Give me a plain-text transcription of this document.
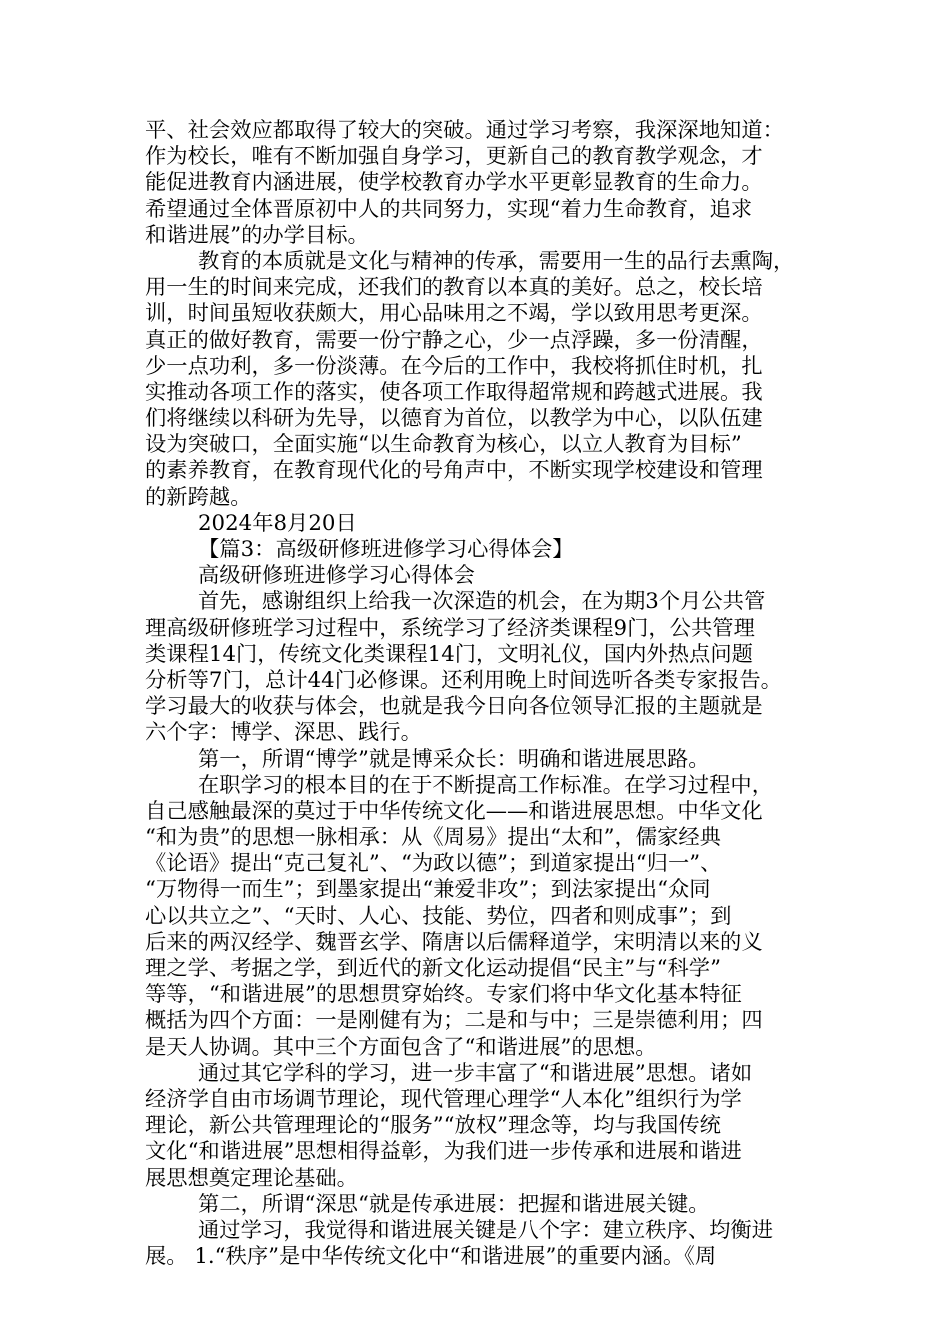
平、社会效应都取得了较大的突破。通过学习考察，我深深地知道：
作为校长，唯有不断加强自身学习，更新自己的教育教学观念，才
能促进教育内涵进展，使学校教育办学水平更彰显教育的生命力。
希望通过全体晋原初中人的共同努力，实现“着力生命教育，追求
和谐进展”的办学目标。
教育的本质就是文化与精神的传承，需要用一生的品行去熏陶，
用一生的时间来完成，还我们的教育以本真的美好。总之，校长培
训，时间虽短收获颇大，用心品味用之不竭，学以致用思考更深。
真正的做好教育，需要一份宁静之心，少一点浮躁，多一份清醒，
少一点功利，多一份淡薄。在今后的工作中，我校将抓住时机，扎
实推动各项工作的落实，使各项工作取得超常规和跨越式进展。我
们将继续以科研为先导，以德育为首位，以教学为中心，以队伍建
设为突破口，全面实施“以生命教育为核心，以立人教育为目标”
的素养教育，在教育现代化的号角声中，不断实现学校建设和管理
的新跨越。
2024年8月20日
【篇3：高级研修班进修学习心得体会】
高级研修班进修学习心得体会
首先，感谢组织上给我一次深造的机会，在为期3个月公共管
理高级研修班学习过程中，系统学习了经济类课程9门，公共管理
类课程14门，传统文化类课程14门，文明礼仪，国内外热点问题
分析等7门，总计44门必修课。还利用晚上时间选听各类专家报告。
学习最大的收获与体会，也就是我今日向各位领导汇报的主题就是
六个字：博学、深思、践行。
第一，所谓“博学”就是博采众长：明确和谐进展思路。
在职学习的根本目的在于不断提高工作标准。在学习过程中，
自己感触最深的莫过于中华传统文化——和谐进展思想。中华文化
“和为贵”的思想一脉相承：从《周易》提出“太和”，儒家经典
《论语》提出“克己复礼”、“为政以德”；到道家提出“归一”、
“万物得一而生”；到墨家提出“兼爱非攻”；到法家提出“众同
心以共立之”、“天时、人心、技能、势位，四者和则成事”；到
后来的两汉经学、魏晋玄学、隋唐以后儒释道学，宋明清以来的义
理之学、考据之学，到近代的新文化运动提倡“民主”与“科学”
等等，“和谐进展”的思想贯穿始终。专家们将中华文化基本特征
概括为四个方面：一是刚健有为；二是和与中；三是崇德利用；四
是天人协调。其中三个方面包含了“和谐进展”的思想。
通过其它学科的学习，进一步丰富了“和谐进展”思想。诸如
经济学自由市场调节理论，现代管理心理学“人本化”组织行为学
理论，新公共管理理论的“服务”“放权”理念等，均与我国传统
文化“和谐进展”思想相得益彰，为我们进一步传承和进展和谐进
展思想奠定理论基础。
第二，所谓“深思“就是传承进展：把握和谐进展关键。
通过学习，我觉得和谐进展关键是八个字：建立秩序、均衡进
展。 1.“秩序”是中华传统文化中“和谐进展”的重要内涵。《周
